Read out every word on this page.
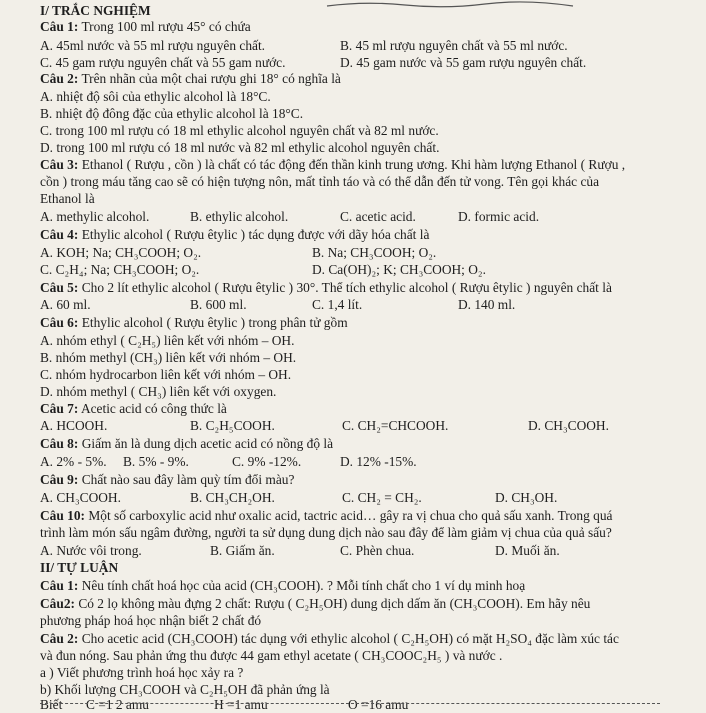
I/ TRẮC NGHIỆM
Câu 1: Trong 100 ml rượu 45° có chứa
A. 45ml nước và 55 ml rượu nguyên chất.	B. 45 ml rượu nguyên chất và 55 ml nước.
C. 45 gam rượu nguyên chất và 55 gam nước.	D. 45 gam nước và 55 gam rượu nguyên chất.
Câu 2: Trên nhãn của một chai rượu ghi 18° có nghĩa là
A. nhiệt độ sôi của ethylic alcohol là 18°C.
B. nhiệt độ đông đặc của ethylic alcohol là 18°C.
C. trong 100 ml rượu có 18 ml ethylic alcohol nguyên chất và 82 ml nước.
D. trong 100 ml rượu có 18 ml nước và 82 ml ethylic alcohol nguyên chất.
Câu 3: Ethanol ( Rượu , cồn ) là chất có tác động đến thần kinh trung ương. Khi hàm lượng Ethanol ( Rượu ,
cồn ) trong máu tăng cao sẽ có hiện tượng nôn, mất tỉnh táo và có thể dẫn đến tử vong. Tên gọi khác của
Ethanol là
A. methylic alcohol.	B. ethylic alcohol.	C. acetic acid.	D. formic acid.
Câu 4: Ethylic alcohol ( Rượu êtylic ) tác dụng được với dãy hóa chất là
A. KOH; Na; CH₃COOH; O₂.	B. Na; CH₃COOH; O₂.
C. C₂H₄; Na; CH₃COOH; O₂.	D. Ca(OH)₂; K; CH₃COOH; O₂.
Câu 5: Cho 2 lít ethylic alcohol ( Rượu êtylic ) 30°. Thể tích ethylic alcohol ( Rượu êtylic ) nguyên chất là
A. 60 ml.	B. 600 ml.	C. 1,4 lít.	D. 140 ml.
Câu 6: Ethylic alcohol ( Rượu êtylic ) trong phân tử gồm
A. nhóm ethyl ( C₂H₅) liên kết với nhóm – OH.
B. nhóm methyl (CH₃) liên kết với nhóm – OH.
C. nhóm hydrocarbon liên kết với nhóm – OH.
D. nhóm methyl ( CH₃) liên kết với oxygen.
Câu 7: Acetic acid có công thức là
A. HCOOH.	B. C₂H₅COOH.	C. CH₂=CHCOOH.	D. CH₃COOH.
Câu 8: Giấm ăn là dung dịch acetic acid có nồng độ là
A. 2% - 5%. B. 5% - 9%.	C. 9% -12%.	D. 12% -15%.
Câu 9: Chất nào sau đây làm quỳ tím đổi màu?
A. CH₃COOH.	B. CH₃CH₂OH.	C. CH₂ = CH₂.	D. CH₃OH.
Câu 10: Một số carboxylic acid như oxalic acid, tactric acid… gây ra vị chua cho quả sấu xanh. Trong quá
trình làm món sấu ngâm đường, người ta sử dụng dung dịch nào sau đây để làm giảm vị chua của quả sấu?
A. Nước vôi trong.	B. Giấm ăn.	C. Phèn chua.	D. Muối ăn.
II/ TỰ LUẬN
Câu 1: Nêu tính chất hoá học của acid (CH₃COOH). ? Mỗi tính chất cho 1 ví dụ minh hoạ
Câu2: Có 2 lọ không màu đựng 2 chất: Rượu ( C₂H₅OH) dung dịch dấm ăn (CH₃COOH). Em hãy nêu
phương pháp hoá học nhận biết 2 chất đó
Câu 2: Cho acetic acid (CH₃COOH) tác dụng với ethylic alcohol ( C₂H₅OH) có mặt H₂SO₄ đặc làm xúc tác
và đun nóng. Sau phản ứng thu được 44 gam ethyl acetate ( CH₃COOC₂H₅ ) và nước .
a ) Viết phương trình hoá học xảy ra ?
b) Khối lượng CH₃COOH và C₂H₅OH đã phản ứng là
Biết C =1 2 amu	H =1 amu	O =16 amu
